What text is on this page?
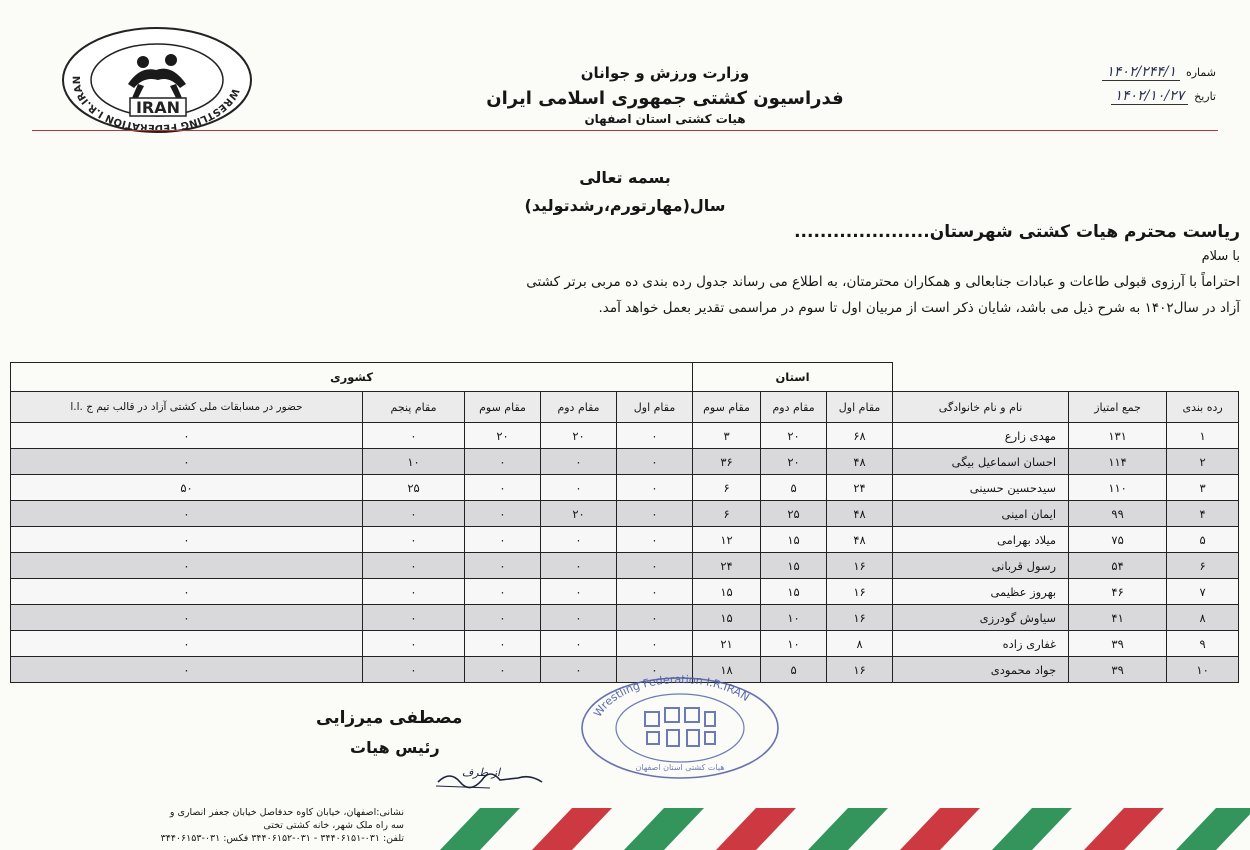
WRESTLING FEDERATION I.R.IRAN
IRAN
وزارت ورزش و جوانان
فدراسیون کشتی جمهوری اسلامی ایران
هیات کشتی استان اصفهان
شماره
۱۴۰۲/۲۴۴/۱
تاریخ
۱۴۰۲/۱۰/۲۷
بسمه تعالی
سال(مهارتورم،رشدتولید)
ریاست محترم هیات کشتی شهرستان.....................
با سلام
احتراماً با آرزوی قبولی طاعات و عبادات جنابعالی و همکاران محترمتان، به اطلاع می رساند جدول رده بندی ده مربی برتر کشتی
آزاد در سال۱۴۰۲ به شرح ذیل می باشد، شایان ذکر است از مربیان اول تا سوم در مراسمی تقدیر بعمل خواهد آمد.
			استان			کشوری				
رده بندی	جمع امتیاز	نام و نام خانوادگی	مقام اول	مقام دوم	مقام سوم	مقام اول	مقام دوم	مقام سوم	مقام پنجم	حضور در مسابقات ملی کشتی آزاد در قالب تیم ج .ا.ا
۱	۱۳۱	مهدی زارع	۶۸	۲۰	۳	۰	۲۰	۲۰	۰	۰
۲	۱۱۴	احسان اسماعیل بیگی	۴۸	۲۰	۳۶	۰	۰	۰	۱۰	۰
۳	۱۱۰	سیدحسین حسینی	۲۴	۵	۶	۰	۰	۰	۲۵	۵۰
۴	۹۹	ایمان امینی	۴۸	۲۵	۶	۰	۲۰	۰	۰	۰
۵	۷۵	میلاد بهرامی	۴۸	۱۵	۱۲	۰	۰	۰	۰	۰
۶	۵۴	رسول قربانی	۱۶	۱۵	۲۴	۰	۰	۰	۰	۰
۷	۴۶	بهروز عظیمی	۱۶	۱۵	۱۵	۰	۰	۰	۰	۰
۸	۴۱	سیاوش گودرزی	۱۶	۱۰	۱۵	۰	۰	۰	۰	۰
۹	۳۹	غفاری زاده	۸	۱۰	۲۱	۰	۰	۰	۰	۰
۱۰	۳۹	جواد محمودی	۱۶	۵	۱۸	۰	۰	۰	۰	۰
مصطفی میرزایی
رئیس هیات
از طرف
Wrestling Federation I.R.IRAN
هیات کشتی استان اصفهان
نشانی:اصفهان، خیابان کاوه حدفاصل خیابان جعفر انصاری و
سه راه ملک شهر، خانه کشتی تختی
تلفن: ۰۳۱-۳۴۴۰۶۱۵۱ - ۰۳۱-۳۴۴۰۶۱۵۲ فکس: ۰۳۱-۳۴۴۰۶۱۵۳
